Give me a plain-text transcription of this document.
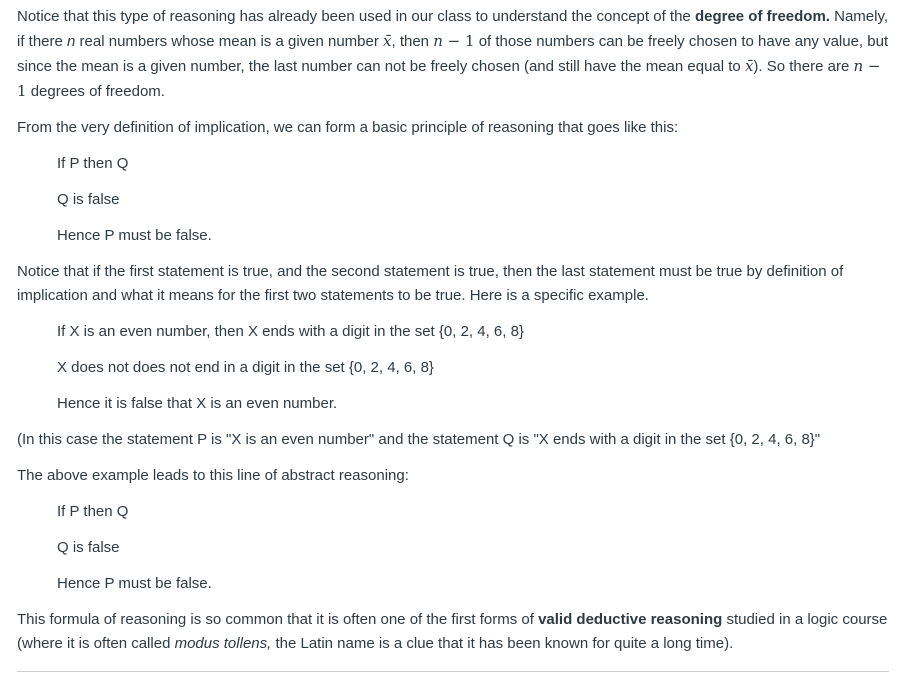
Notice that this type of reasoning has already been used in our class to understand the concept of the degree of freedom. Namely, if there n real numbers whose mean is a given number x̄, then n − 1 of those numbers can be freely chosen to have any value, but since the mean is a given number, the last number can not be freely chosen (and still have the mean equal to x̄). So there are n − 1 degrees of freedom.

From the very definition of implication, we can form a basic principle of reasoning that goes like this:

If P then Q

Q is false

Hence P must be false.

Notice that if the first statement is true, and the second statement is true, then the last statement must be true by definition of implication and what it means for the first two statements to be true. Here is a specific example.

If X is an even number, then X ends with a digit in the set {0, 2, 4, 6, 8}

X does not does not end in a digit in the set {0, 2, 4, 6, 8}

Hence it is false that X is an even number.

(In this case the statement P is "X is an even number" and the statement Q is "X ends with a digit in the set {0, 2, 4, 6, 8}"

The above example leads to this line of abstract reasoning:

If P then Q

Q is false

Hence P must be false.

This formula of reasoning is so common that it is often one of the first forms of valid deductive reasoning studied in a logic course (where it is often called modus tollens, the Latin name is a clue that it has been known for quite a long time).
